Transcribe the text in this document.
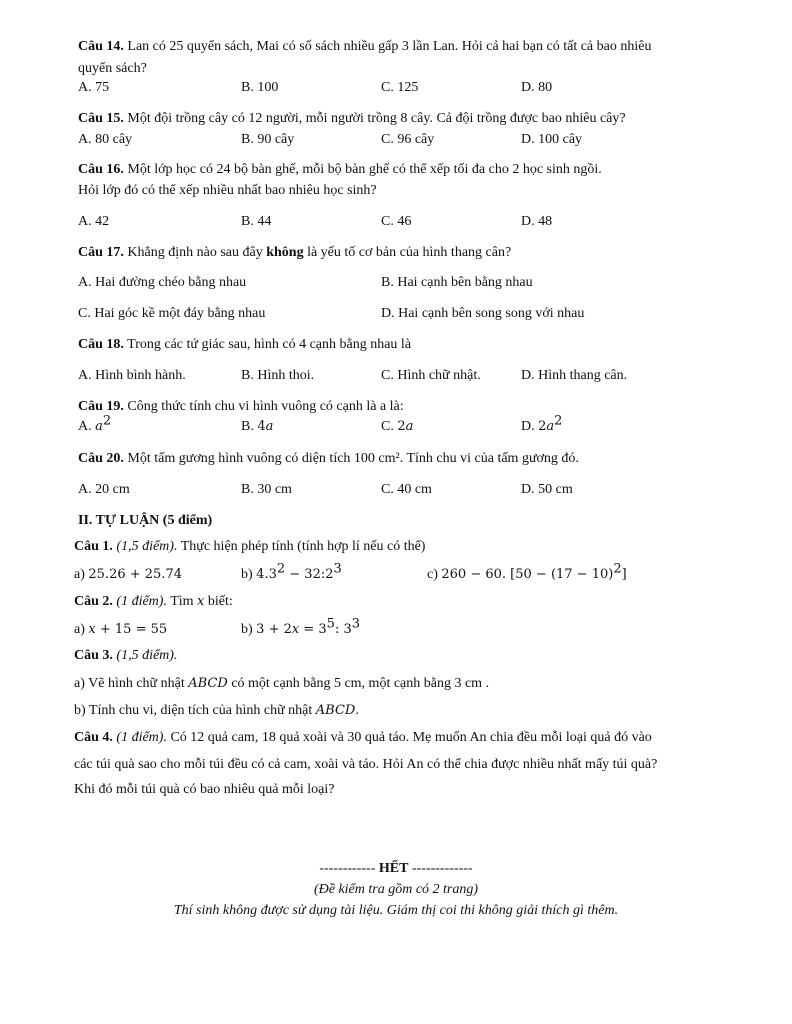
Câu 14. Lan có 25 quyển sách, Mai có số sách nhiều gấp 3 lần Lan. Hỏi cả hai bạn có tất cả bao nhiêu
quyển sách?
A. 75	B. 100	C. 125	D. 80
Câu 15. Một đội trồng cây có 12 người, mỗi người trồng 8 cây. Cả đội trồng được bao nhiêu cây?
A. 80 cây	B. 90 cây	C. 96 cây	D. 100 cây
Câu 16. Một lớp học có 24 bộ bàn ghế, mỗi bộ bàn ghế có thể xếp tối đa cho 2 học sinh ngồi.
Hỏi lớp đó có thể xếp nhiều nhất bao nhiêu học sinh?
A. 42	B. 44	C. 46	D. 48
Câu 17. Khẳng định nào sau đây không là yếu tố cơ bản của hình thang cân?
A. Hai đường chéo bằng nhau	B. Hai cạnh bên bằng nhau
C. Hai góc kề một đáy bằng nhau	D. Hai cạnh bên song song với nhau
Câu 18. Trong các tứ giác sau, hình có 4 cạnh bằng nhau là
A. Hình bình hành.	B. Hình thoi.	C. Hình chữ nhật.	D. Hình thang cân.
Câu 19. Công thức tính chu vi hình vuông có cạnh là a là:
A. $a^2$	B. 4a	C. 2a	D. $2a^2$
Câu 20. Một tấm gương hình vuông có diện tích 100 cm². Tính chu vi của tấm gương đó.
A. 20 cm	B. 30 cm	C. 40 cm	D. 50 cm
II. TỰ LUẬN (5 điểm)
Câu 1. (1,5 điểm). Thực hiện phép tính (tính hợp lí nếu có thể)
a) 25.26 + 25.74	b) $4.3^2$ − $32:2^3$	c) 260 − 60. $[50 - (17 - 10)^2]$
Câu 2. (1 điểm). Tìm x biết:
a) x + 15 = 55	b) $3 + 2x = 3^5$: $3^3$
Câu 3. (1,5 điểm).
a) Vẽ hình chữ nhật ABCD có một cạnh bằng 5 cm, một cạnh bằng 3 cm .
b) Tính chu vi, diện tích của hình chữ nhật ABCD.
Câu 4. (1 điểm). Có 12 quả cam, 18 quả xoài và 30 quả táo. Mẹ muốn An chia đều mỗi loại quả đó vào
các túi quà sao cho mỗi túi đều có cả cam, xoài và táo. Hỏi An có thể chia được nhiều nhất mấy túi quà?
Khi đó mỗi túi quà có bao nhiêu quả mỗi loại?
------------ HẾT -------------
(Đề kiểm tra gồm có 2 trang)
Thí sinh không được sử dụng tài liệu. Giám thị coi thi không giải thích gì thêm.
